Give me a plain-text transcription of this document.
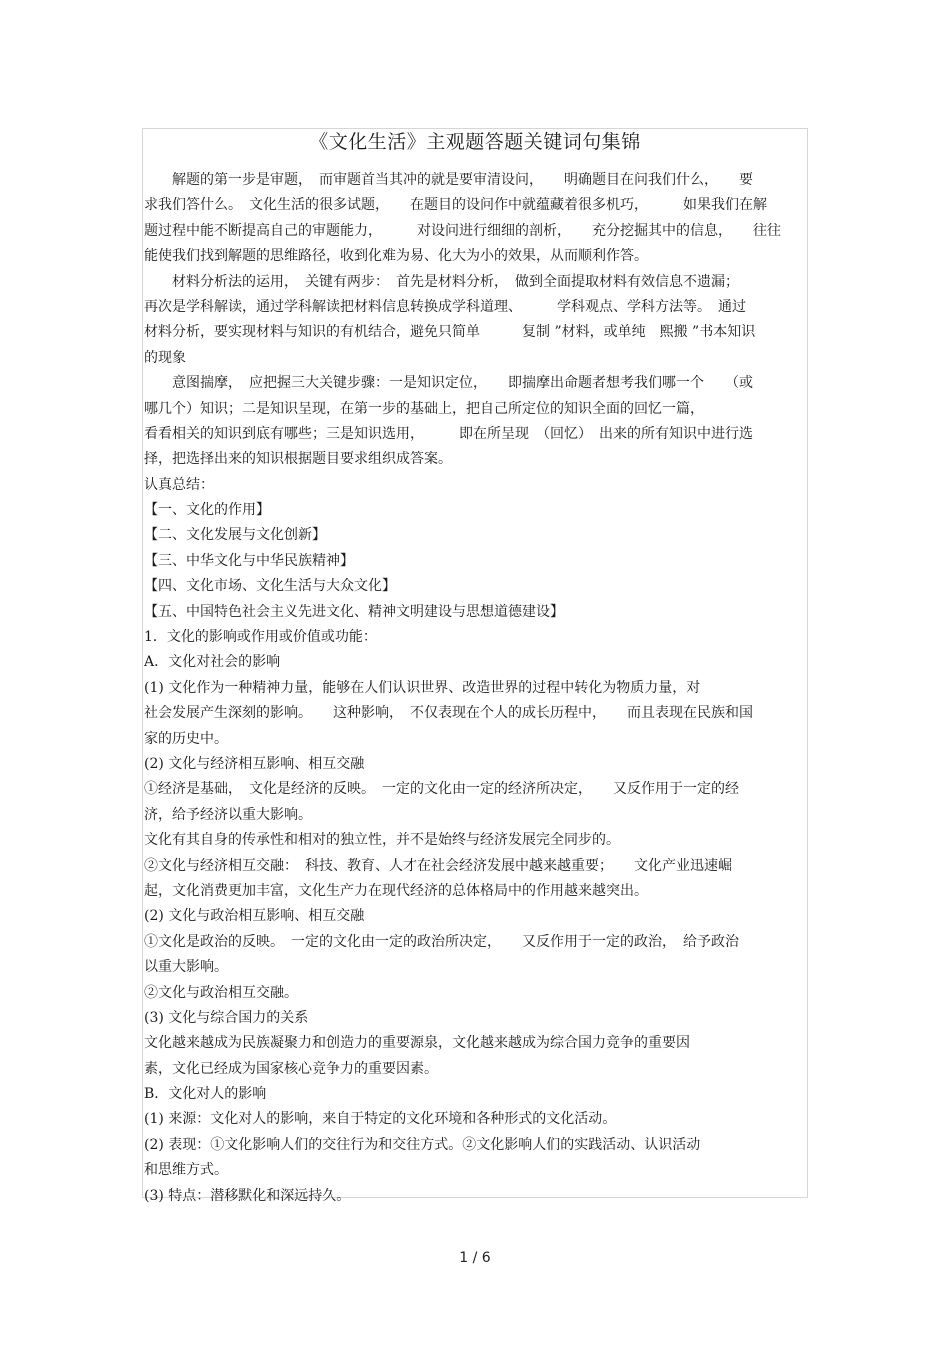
《文化生活》主观题答题关键词句集锦
　　解题的第一步是审题，　而审题首当其冲的就是要审清设问，　　明确题目在问我们什么，　　要
求我们答什么。　文化生活的很多试题，　　在题目的设问作中就蕴藏着很多机巧，　　　如果我们在解
题过程中能不断提高自己的审题能力，　　　对设问进行细细的剖析，　　充分挖掘其中的信息，　　往往
能使我们找到解题的思维路径，收到化难为易、化大为小的效果，从而顺利作答。
　　材料分析法的运用，　关键有两步：　首先是材料分析，　做到全面提取材料有效信息不遗漏；
再次是学科解读，通过学科解读把材料信息转换成学科道理、　　　学科观点、学科方法等。　通过
材料分析，要实现材料与知识的有机结合，避免只简单　　　复制 ”材料，或单纯　熙搬 ”书本知识
的现象
　　意图揣摩，　应把握三大关键步骤：一是知识定位，　　即揣摩出命题者想考我们哪一个　　（或
哪几个）知识；二是知识呈现，在第一步的基础上，把自己所定位的知识全面的回忆一篇，
看看相关的知识到底有哪些；三是知识选用，　　　即在所呈现　（回忆）　出来的所有知识中进行选
择，把选择出来的知识根据题目要求组织成答案。
认真总结：
【一、文化的作用】
【二、文化发展与文化创新】
【三、中华文化与中华民族精神】
【四、文化市场、文化生活与大众文化】
【五、中国特色社会主义先进文化、精神文明建设与思想道德建设】
1．文化的影响或作用或价值或功能：
A．文化对社会的影响
(1) 文化作为一种精神力量，能够在人们认识世界、改造世界的过程中转化为物质力量，对
社会发展产生深刻的影响。　　这种影响，　不仅表现在个人的成长历程中，　　而且表现在民族和国
家的历史中。
(2) 文化与经济相互影响、相互交融
①经济是基础，　文化是经济的反映。　一定的文化由一定的经济所决定，　　又反作用于一定的经
济，给予经济以重大影响。
文化有其自身的传承性和相对的独立性，并不是始终与经济发展完全同步的。
②文化与经济相互交融：　科技、教育、人才在社会经济发展中越来越重要；　　文化产业迅速崛
起，文化消费更加丰富，文化生产力在现代经济的总体格局中的作用越来越突出。
(2) 文化与政治相互影响、相互交融
①文化是政治的反映。　一定的文化由一定的政治所决定，　　又反作用于一定的政治，　给予政治
以重大影响。
②文化与政治相互交融。
(3) 文化与综合国力的关系
文化越来越成为民族凝聚力和创造力的重要源泉，文化越来越成为综合国力竞争的重要因
素，文化已经成为国家核心竞争力的重要因素。
B．文化对人的影响
(1) 来源：文化对人的影响，来自于特定的文化环境和各种形式的文化活动。
(2) 表现：①文化影响人们的交往行为和交往方式。②文化影响人们的实践活动、认识活动
和思维方式。
(3) 特点：潜移默化和深远持久。
1 / 6
